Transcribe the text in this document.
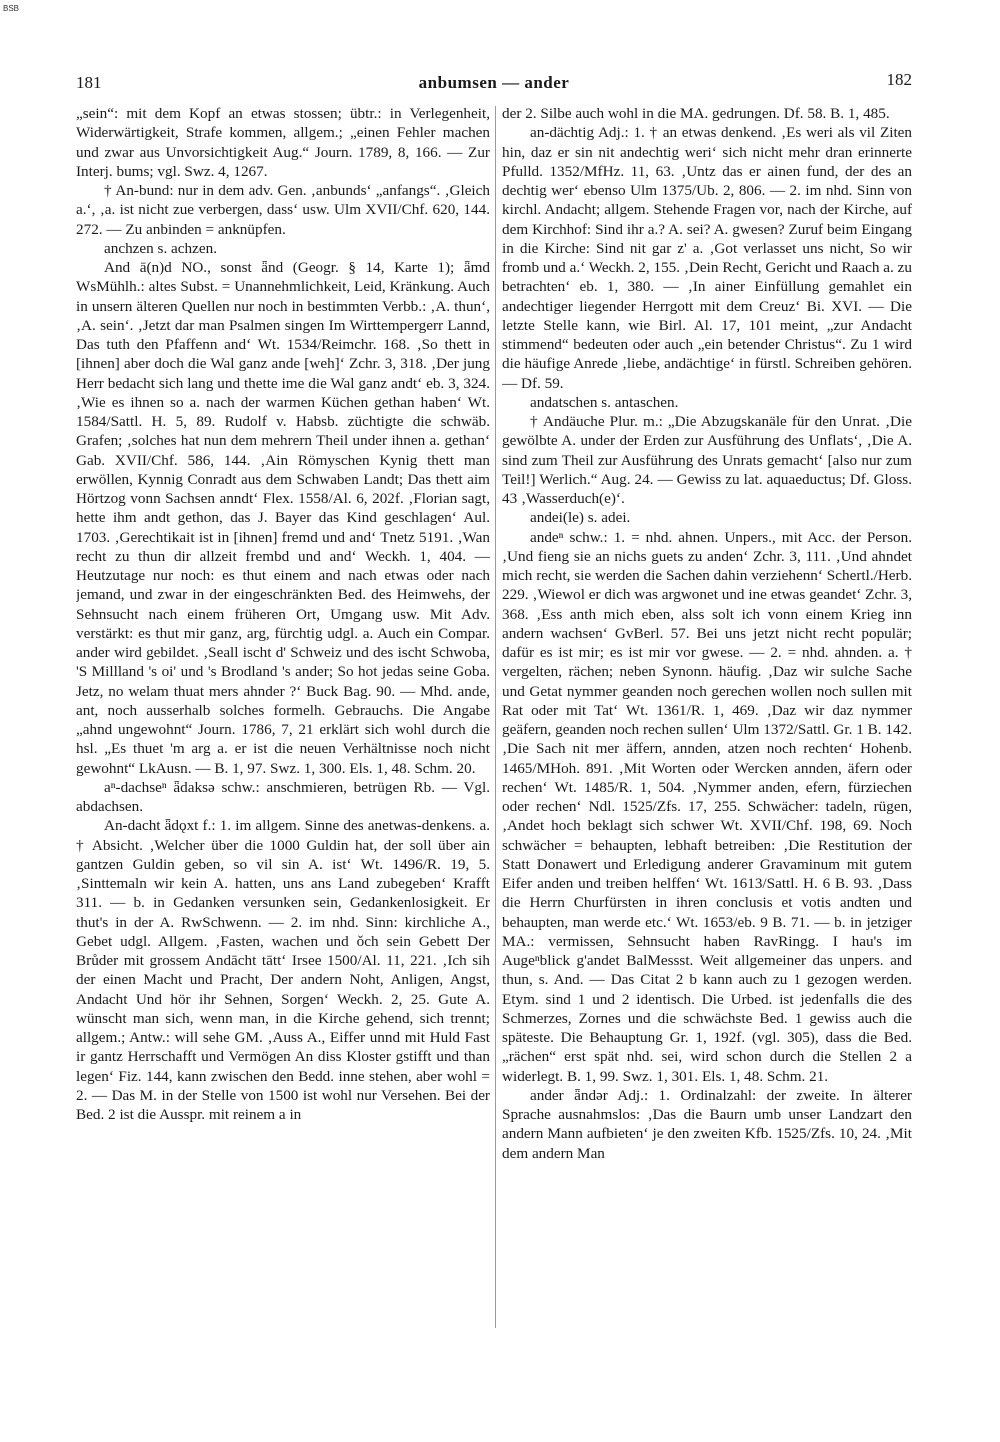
BSB
181	anbumsen — ander	182

„sein“: mit dem Kopf an etwas stossen; übtr.: in Verlegenheit, Widerwärtigkeit, Strafe kommen, allgem.; „einen Fehler machen und zwar aus Unvorsichtigkeit Aug.“ Journ. 1789, 8, 166. — Zur Interj. bums; vgl. Swz. 4, 1267.

† An-bund: nur in dem adv. Gen. ‚anbunds‘ „anfangs“. ‚Gleich a.‘, ‚a. ist nicht zue verbergen, dass‘ usw. Ulm XVII/Chf. 620, 144. 272. — Zu anbinden = anknüpfen.

anchzen s. achzen.

And ā(n)d NO., sonst ǟnd (Geogr. § 14, Karte 1); ǟmd WsMühlh.: altes Subst. = Unannehmlichkeit, Leid, Kränkung. Auch in unsern älteren Quellen nur noch in bestimmten Verbb.: ‚A. thun‘, ‚A. sein‘. ‚Jetzt dar man Psalmen singen Im Wirttempergerr Lannd, Das tuth den Pfaffenn and‘ Wt. 1534/Reimchr. 168. ‚So thett in [ihnen] aber doch die Wal ganz ande [weh]‘ Zchr. 3, 318. ‚Der jung Herr bedacht sich lang und thette ime die Wal ganz andt‘ eb. 3, 324. ‚Wie es ihnen so a. nach der warmen Küchen gethan haben‘ Wt. 1584/Sattl. H. 5, 89. Rudolf v. Habsb. züchtigte die schwäb. Grafen; ‚solches hat nun dem mehrern Theil under ihnen a. gethan‘ Gab. XVII/Chf. 586, 144. ‚Ain Römyschen Kynig thett man erwöllen, Kynnig Conradt aus dem Schwaben Landt; Das thett aim Hörtzog vonn Sachsen anndt‘ Flex. 1558/Al. 6, 202f. ‚Florian sagt, hette ihm andt gethon, das J. Bayer das Kind geschlagen‘ Aul. 1703. ‚Gerechtikait ist in [ihnen] fremd und and‘ Tnetz 5191. ‚Wan recht zu thun dir allzeit frembd und and‘ Weckh. 1, 404. — Heutzutage nur noch: es thut einem and nach etwas oder nach jemand, und zwar in der eingeschränkten Bed. des Heimwehs, der Sehnsucht nach einem früheren Ort, Umgang usw. Mit Adv. verstärkt: es thut mir ganz, arg, fürchtig udgl. a. Auch ein Compar. ander wird gebildet. ‚Seall ischt d' Schweiz und des ischt Schwoba, 'S Millland 's oi' und 's Brodland 's ander; So hot jedas seine Goba. Jetz, no welam thuat mers ahnder ?‘ Buck Bag. 90. — Mhd. ande, ant, noch ausserhalb solches formelh. Gebrauchs. Die Angabe „ahnd ungewohnt“ Journ. 1786, 7, 21 erklärt sich wohl durch die hsl. „Es thuet 'm arg a. er ist die neuen Verhältnisse noch nicht gewohnt“ LkAusn. — B. 1, 97. Swz. 1, 300. Els. 1, 48. Schm. 20.

aⁿ-dachseⁿ ǟdaksə schw.: anschmieren, betrügen Rb. — Vgl. abdachsen.

An-dacht ǟdǫxt f.: 1. im allgem. Sinne des anetwas-denkens. a. † Absicht. ‚Welcher über die 1000 Guldin hat, der soll über ain gantzen Guldin geben, so vil sin A. ist‘ Wt. 1496/R. 19, 5. ‚Sinttemaln wir kein A. hatten, uns ans Land zubegeben‘ Krafft 311. — b. in Gedanken versunken sein, Gedankenlosigkeit. Er thut's in der A. RwSchwenn. — 2. im nhd. Sinn: kirchliche A., Gebet udgl. Allgem. ‚Fasten, wachen und ǒch sein Gebett Der Brůder mit grossem Andācht tātt‘ Irsee 1500/Al. 11, 221. ‚Ich sih der einen Macht und Pracht, Der andern Noht, Anligen, Angst, Andacht Und hör ihr Sehnen, Sorgen‘ Weckh. 2, 25. Gute A. wünscht man sich, wenn man, in die Kirche gehend, sich trennt; allgem.; Antw.: will sehe GM. ‚Auss A., Eiffer unnd mit Huld Fast ir gantz Herrschafft und Vermögen An diss Kloster gstifft und than legen‘ Fiz. 144, kann zwischen den Bedd. inne stehen, aber wohl = 2. — Das M. in der Stelle von 1500 ist wohl nur Versehen. Bei der Bed. 2 ist die Ausspr. mit reinem a in

der 2. Silbe auch wohl in die MA. gedrungen. Df. 58. B. 1, 485.

an-dächtig Adj.: 1. † an etwas denkend. ‚Es weri als vil Ziten hin, daz er sin nit andechtig weri‘ sich nicht mehr dran erinnerte Pfulld. 1352/MfHz. 11, 63. ‚Untz das er ainen fund, der des an dechtig wer‘ ebenso Ulm 1375/Ub. 2, 806. — 2. im nhd. Sinn von kirchl. Andacht; allgem. Stehende Fragen vor, nach der Kirche, auf dem Kirchhof: Sind ihr a.? A. sei? A. gwesen? Zuruf beim Eingang in die Kirche: Sind nit gar z' a. ‚Got verlasset uns nicht, So wir fromb und a.‘ Weckh. 2, 155. ‚Dein Recht, Gericht und Raach a. zu betrachten‘ eb. 1, 380. — ‚In ainer Einfüllung gemahlet ein andechtiger liegender Herrgott mit dem Creuz‘ Bi. XVI. — Die letzte Stelle kann, wie Birl. Al. 17, 101 meint, „zur Andacht stimmend“ bedeuten oder auch „ein betender Christus“. Zu 1 wird die häufige Anrede ‚liebe, andächtige‘ in fürstl. Schreiben gehören. — Df. 59.

andatschen s. antaschen.

† Andäuche Plur. m.: „Die Abzugskanäle für den Unrat. ‚Die gewölbte A. under der Erden zur Ausführung des Unflats‘, ‚Die A. sind zum Theil zur Ausführung des Unrats gemacht‘ [also nur zum Teil!] Werlich.“ Aug. 24. — Gewiss zu lat. aquaeductus; Df. Gloss. 43 ‚Wasserduch(e)‘.

andei(le) s. adei.

andeⁿ schw.: 1. = nhd. ahnen. Unpers., mit Acc. der Person. ‚Und fieng sie an nichs guets zu anden‘ Zchr. 3, 111. ‚Und ahndet mich recht, sie werden die Sachen dahin verziehenn‘ Schertl./Herb. 229. ‚Wiewol er dich was argwonet und ine etwas geandet‘ Zchr. 3, 368. ‚Ess anth mich eben, alss solt ich vonn einem Krieg inn andern wachsen‘ GvBerl. 57. Bei uns jetzt nicht recht populär; dafür es ist mir; es ist mir vor gwese. — 2. = nhd. ahnden. a. † vergelten, rächen; neben Synonn. häufig. ‚Daz wir sulche Sache und Getat nymmer geanden noch gerechen wollen noch sullen mit Rat oder mit Tat‘ Wt. 1361/R. 1, 469. ‚Daz wir daz nymmer geäfern, geanden noch rechen sullen‘ Ulm 1372/Sattl. Gr. 1 B. 142. ‚Die Sach nit mer äffern, annden, atzen noch rechten‘ Hohenb. 1465/MHoh. 891. ‚Mit Worten oder Wercken annden, äfern oder rechen‘ Wt. 1485/R. 1, 504. ‚Nymmer anden, efern, fürziechen oder rechen‘ Ndl. 1525/Zfs. 17, 255. Schwächer: tadeln, rügen, ‚Andet hoch beklagt sich schwer Wt. XVII/Chf. 198, 69. Noch schwächer = behaupten, lebhaft betreiben: ‚Die Restitution der Statt Donawert und Erledigung anderer Gravaminum mit gutem Eifer anden und treiben helffen‘ Wt. 1613/Sattl. H. 6 B. 93. ‚Dass die Herrn Churfürsten in ihren conclusis et votis andten und behaupten, man werde etc.‘ Wt. 1653/eb. 9 B. 71. — b. in jetziger MA.: vermissen, Sehnsucht haben RavRingg. I hau's im Augeⁿblick g'andet BalMessst. Weit allgemeiner das unpers. and thun, s. And. — Das Citat 2 b kann auch zu 1 gezogen werden. Etym. sind 1 und 2 identisch. Die Urbed. ist jedenfalls die des Schmerzes, Zornes und die schwächste Bed. 1 gewiss auch die späteste. Die Behauptung Gr. 1, 192f. (vgl. 305), dass die Bed. „rächen“ erst spät nhd. sei, wird schon durch die Stellen 2 a widerlegt. B. 1, 99. Swz. 1, 301. Els. 1, 48. Schm. 21.

ander ǟndər Adj.: 1. Ordinalzahl: der zweite. In älterer Sprache ausnahmslos: ‚Das die Baurn umb unser Landzart den andern Mann aufbieten‘ je den zweiten Kfb. 1525/Zfs. 10, 24. ‚Mit dem andern Man
